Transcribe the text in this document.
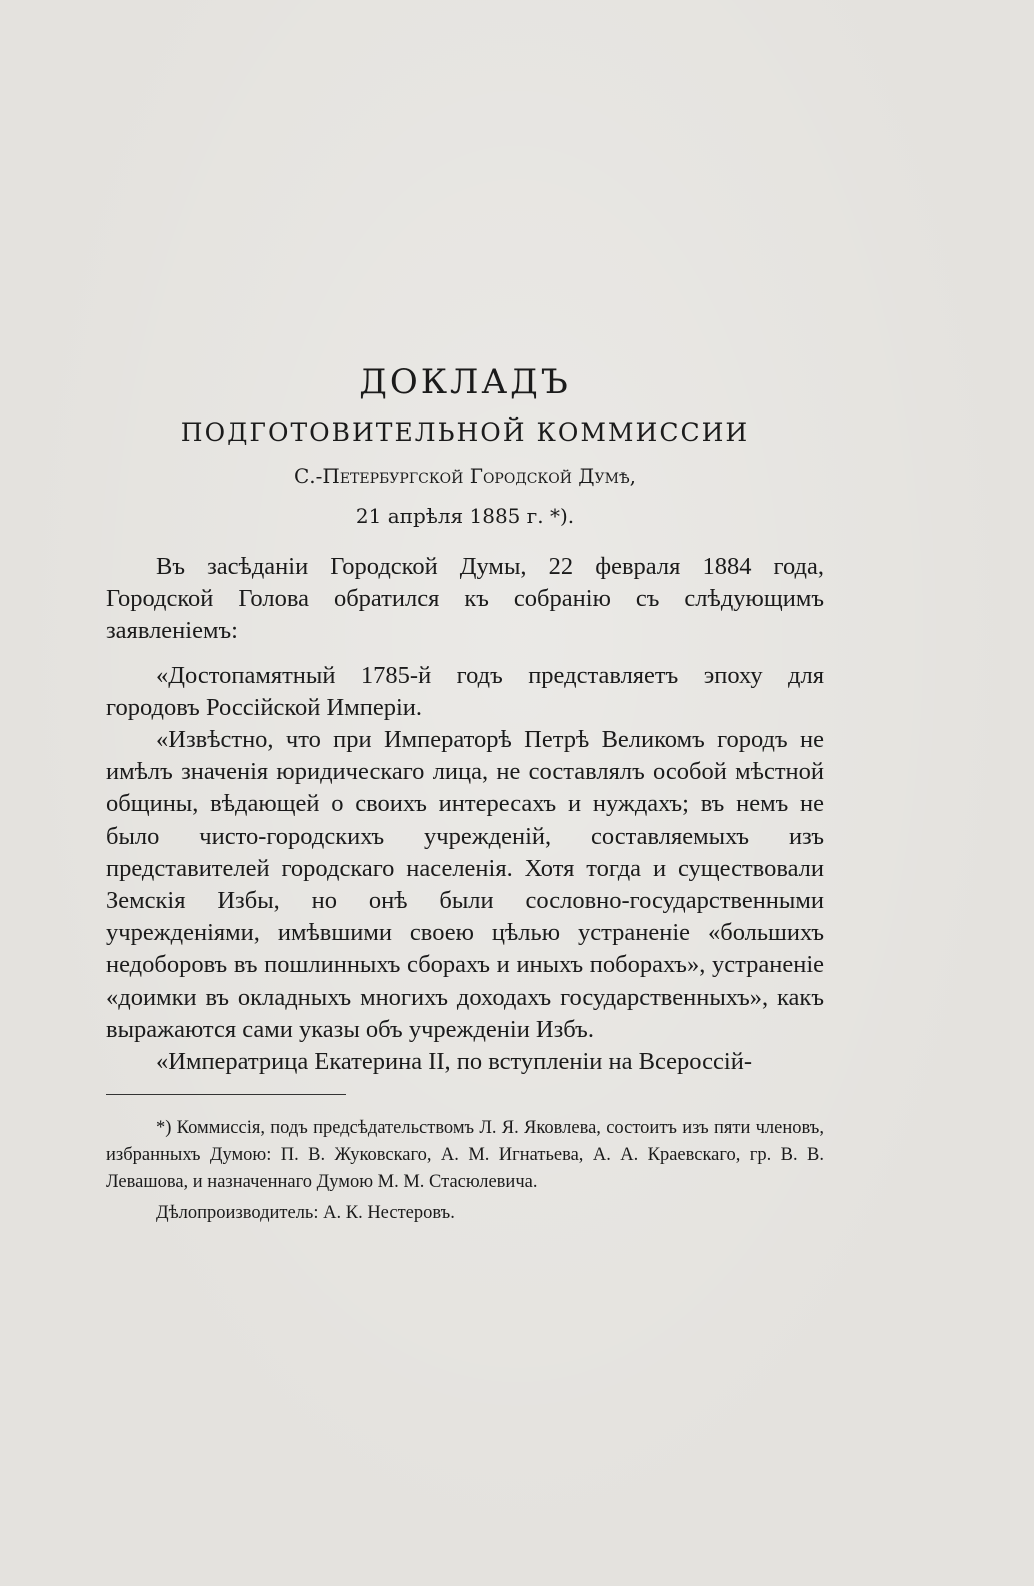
ДОКЛАДЪ
ПОДГОТОВИТЕЛЬНОЙ КОММИССИИ
С.-Петербургской Городской Думѣ,
21 апрѣля 1885 г. *).

Въ засѣданіи Городской Думы, 22 февраля 1884 года, Городской Голова обратился къ собранію съ слѣдующимъ заявленіемъ:

«Достопамятный 1785-й годъ представляетъ эпоху для городовъ Россійской Имперіи.

«Извѣстно, что при Императорѣ Петрѣ Великомъ городъ не имѣлъ значенія юридическаго лица, не составлялъ особой мѣстной общины, вѣдающей о своихъ интересахъ и нуждахъ; въ немъ не было чисто-городскихъ учрежденій, составляемыхъ изъ представителей городскаго населенія. Хотя тогда и существовали Земскія Избы, но онѣ были сословно-государственными учрежденіями, имѣвшими своею цѣлью устраненіе «большихъ недоборовъ въ пошлинныхъ сборахъ и иныхъ поборахъ», устраненіе «доимки въ окладныхъ многихъ доходахъ государственныхъ», какъ выражаются сами указы объ учрежденіи Избъ.

«Императрица Екатерина II, по вступленіи на Всероссій-

*) Коммиссія, подъ предсѣдательствомъ Л. Я. Яковлева, состоитъ изъ пяти членовъ, избранныхъ Думою: П. В. Жуковскаго, А. М. Игнатьева, А. А. Краевскаго, гр. В. В. Левашова, и назначеннаго Думою М. М. Стасюлевича.

Дѣлопроизводитель: А. К. Нестеровъ.
